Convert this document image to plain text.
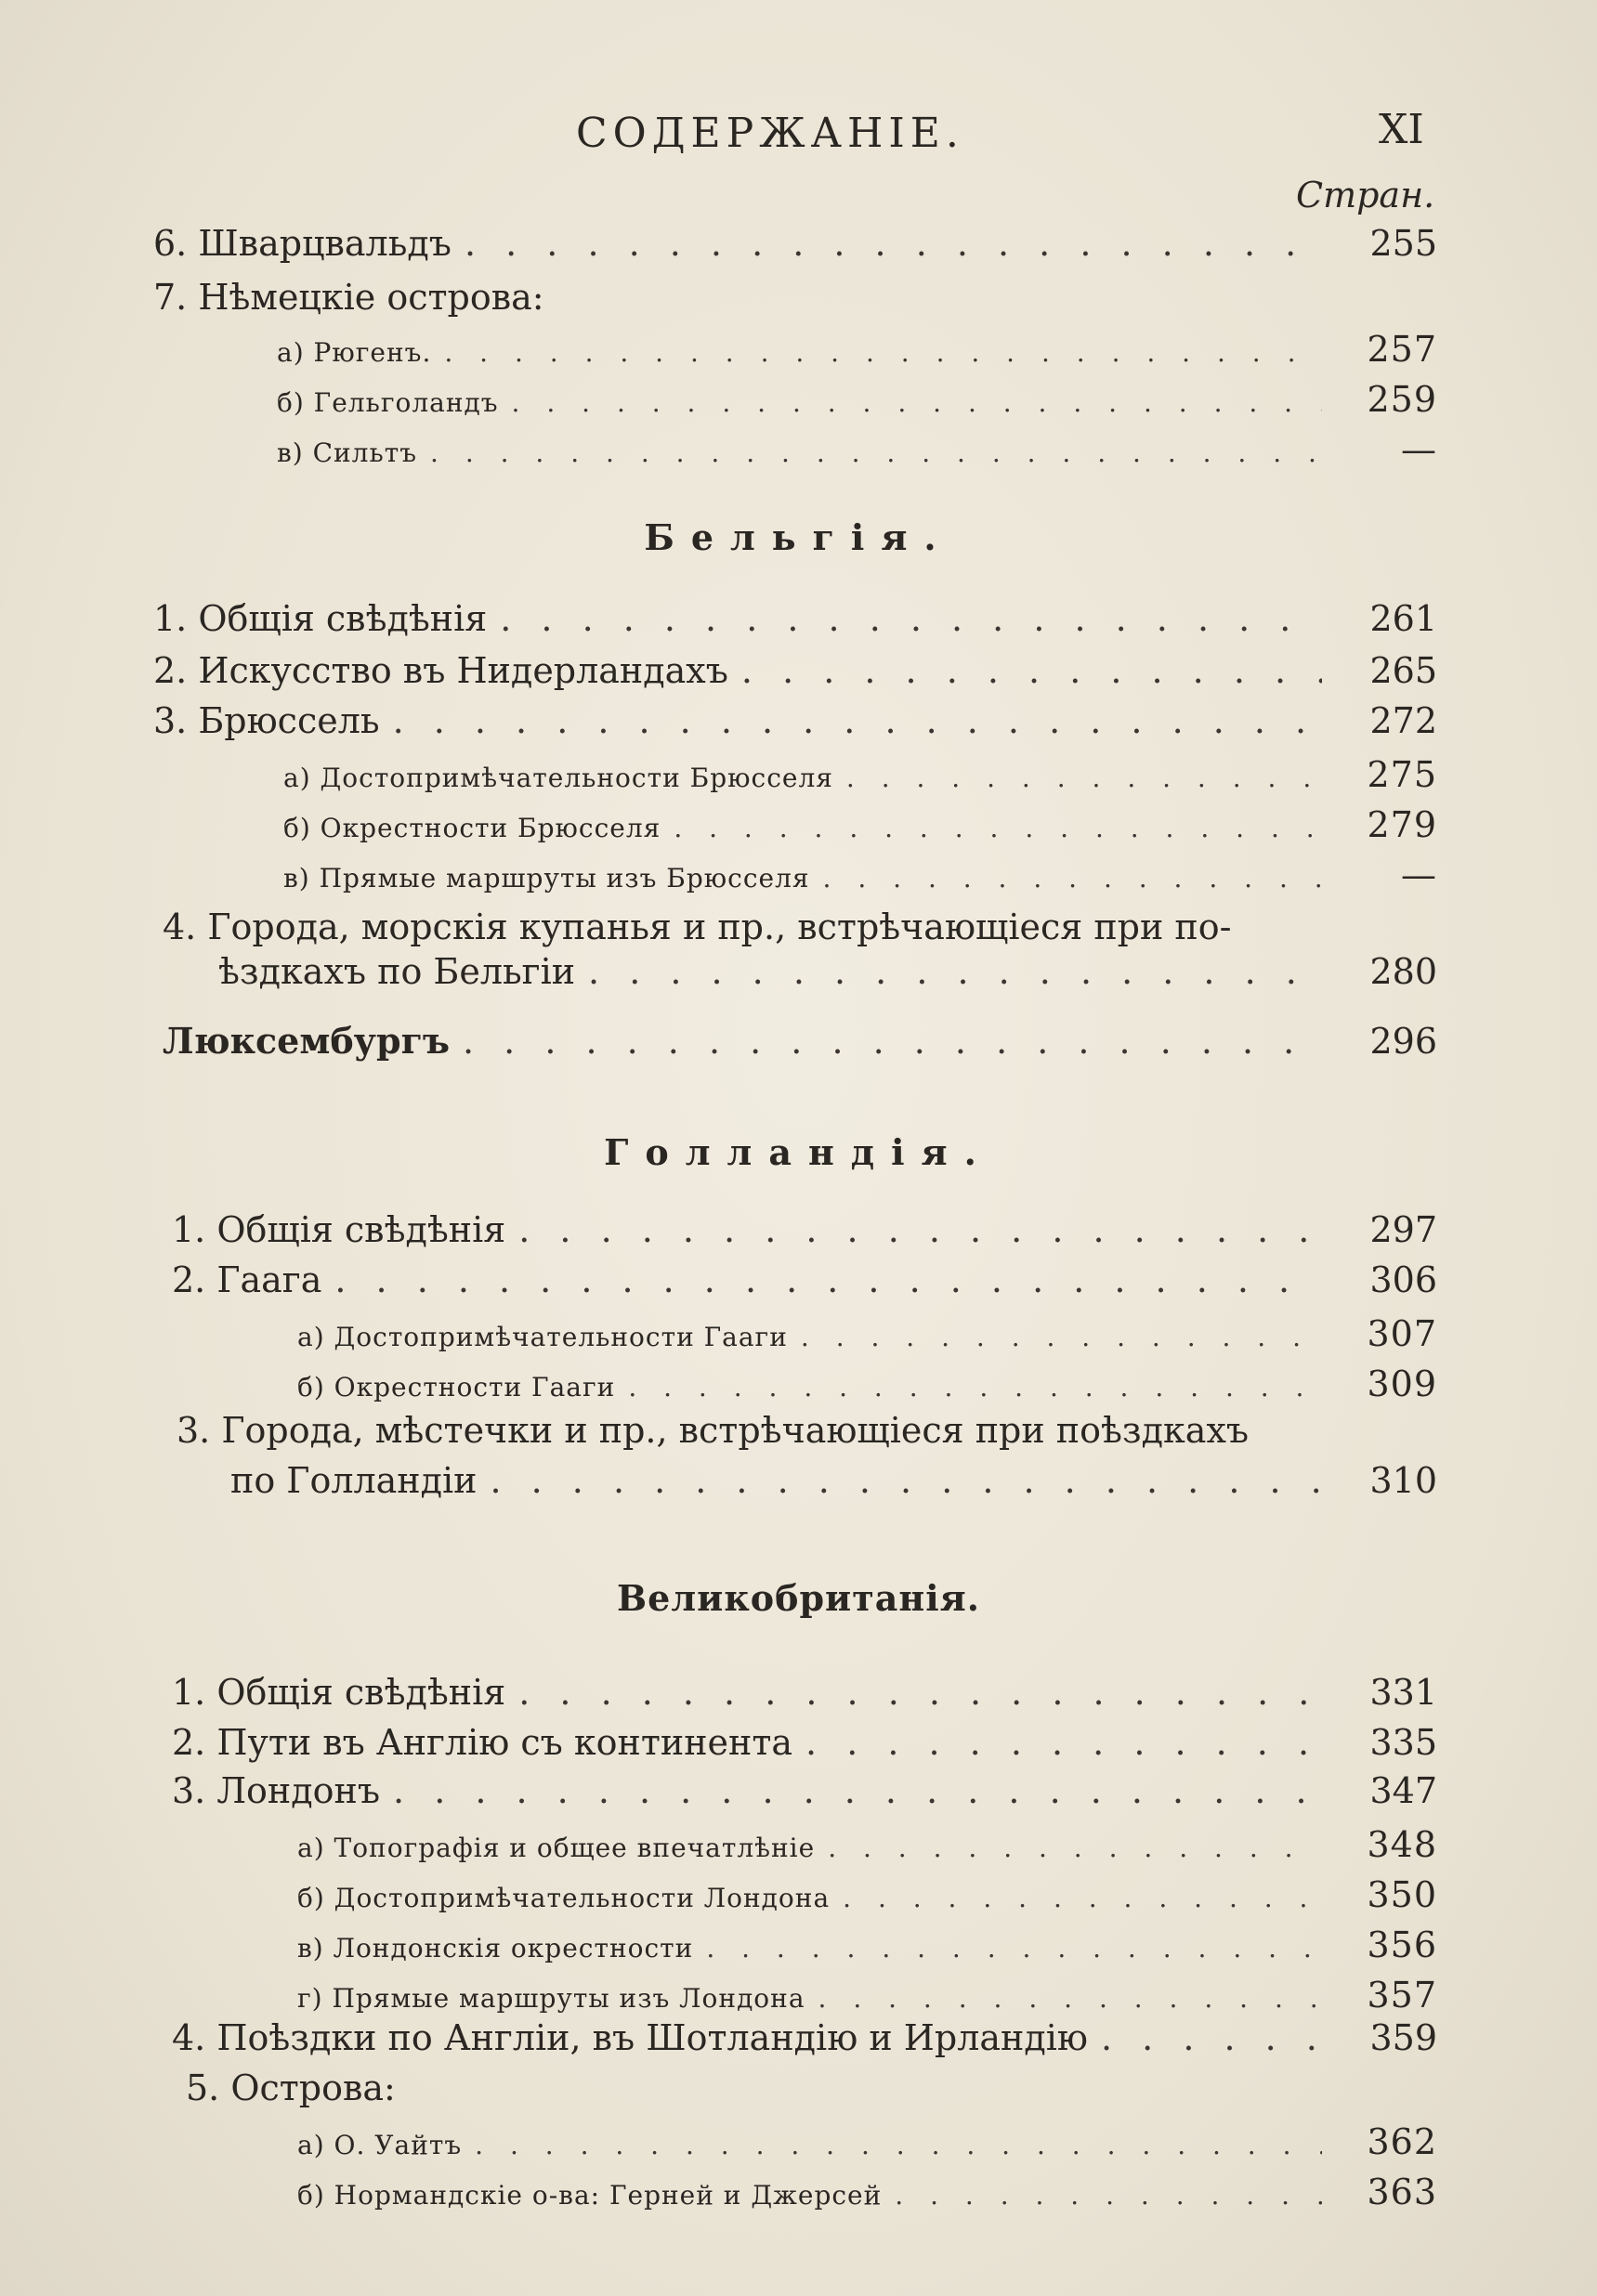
СОДЕРЖАНІЕ.	XI
Стран.
6. Шварцвальдъ . . .	255
7. Нѣмецкіе острова:
а) Рюгенъ. . . .	257
б) Гельголандъ . . .	259
в) Сильтъ . . .	—
Бельгія.
1. Общія свѣдѣнія . . .	261
2. Искусство въ Нидерландахъ . . .	265
3. Брюссель . . .	272
а) Достопримѣчательности Брюсселя . . .	275
б) Окрестности Брюсселя . . .	279
в) Прямые маршруты изъ Брюсселя . . .	—
4. Города, морскія купанья и пр., встрѣчающіеся при по-
ѣздкахъ по Бельгіи . . .	280
Люксембургъ . . .	296
Голландія.
1. Общія свѣдѣнія . . .	297
2. Гаага . . .	306
а) Достопримѣчательности Гааги . . .	307
б) Окрестности Гааги . . .	309
3. Города, мѣстечки и пр., встрѣчающіеся при поѣздкахъ
по Голландіи . . .	310
Великобританія.
1. Общія свѣдѣнія . . .	331
2. Пути въ Англію съ континента . . .	335
3. Лондонъ . . .	347
а) Топографія и общее впечатлѣніе . . .	348
б) Достопримѣчательности Лондона . . .	350
в) Лондонскія окрестности . . .	356
г) Прямые маршруты изъ Лондона . . .	357
4. Поѣздки по Англіи, въ Шотландію и Ирландію . . .	359
5. Острова:
а) О. Уайтъ . . .	362
б) Нормандскіе о-ва: Герней и Джерсей . . .	363
